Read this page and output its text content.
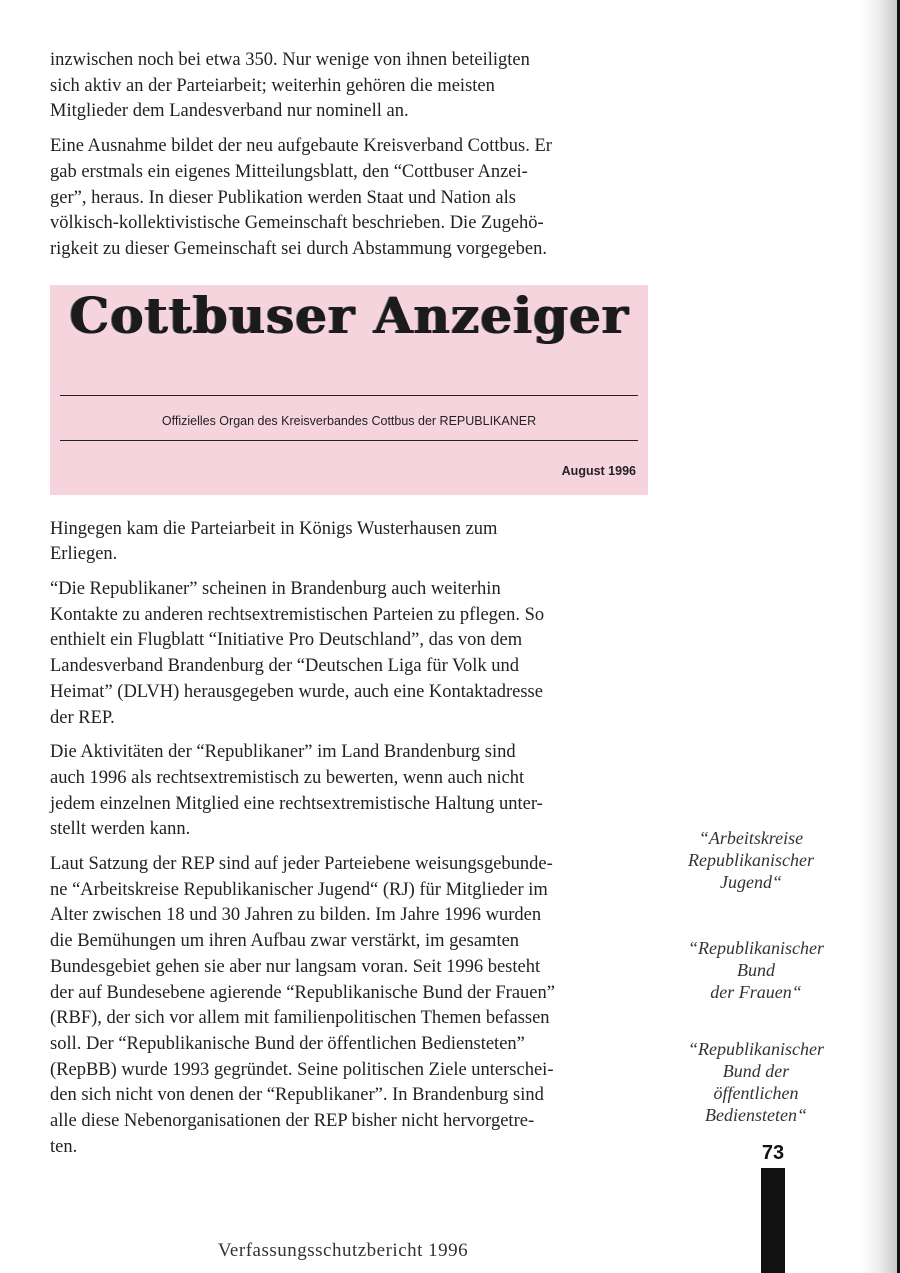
inzwischen noch bei etwa 350. Nur wenige von ihnen beteiligten
sich aktiv an der Parteiarbeit; weiterhin gehören die meisten
Mitglieder dem Landesverband nur nominell an.

Eine Ausnahme bildet der neu aufgebaute Kreisverband Cottbus. Er
gab erstmals ein eigenes Mitteilungsblatt, den “Cottbuser Anzei-
ger”, heraus. In dieser Publikation werden Staat und Nation als
völkisch-kollektivistische Gemeinschaft beschrieben. Die Zugehö-
rigkeit zu dieser Gemeinschaft sei durch Abstammung vorgegeben.

Cottbuser Anzeiger
Offizielles Organ des Kreisverbandes Cottbus der REPUBLIKANER
August 1996

Hingegen kam die Parteiarbeit in Königs Wusterhausen zum
Erliegen.

“Die Republikaner” scheinen in Brandenburg auch weiterhin
Kontakte zu anderen rechtsextremistischen Parteien zu pflegen. So
enthielt ein Flugblatt “Initiative Pro Deutschland”, das von dem
Landesverband Brandenburg der “Deutschen Liga für Volk und
Heimat” (DLVH) herausgegeben wurde, auch eine Kontaktadresse
der REP.

Die Aktivitäten der “Republikaner” im Land Brandenburg sind
auch 1996 als rechtsextremistisch zu bewerten, wenn auch nicht
jedem einzelnen Mitglied eine rechtsextremistische Haltung unter-
stellt werden kann.

Laut Satzung der REP sind auf jeder Parteiebene weisungsgebunde-
ne “Arbeitskreise Republikanischer Jugend“ (RJ) für Mitglieder im
Alter zwischen 18 und 30 Jahren zu bilden. Im Jahre 1996 wurden
die Bemühungen um ihren Aufbau zwar verstärkt, im gesamten
Bundesgebiet gehen sie aber nur langsam voran. Seit 1996 besteht
der auf Bundesebene agierende “Republikanische Bund der Frauen”
(RBF), der sich vor allem mit familienpolitischen Themen befassen
soll. Der “Republikanische Bund der öffentlichen Bediensteten”
(RepBB) wurde 1993 gegründet. Seine politischen Ziele unterschei-
den sich nicht von denen der “Republikaner”. In Brandenburg sind
alle diese Nebenorganisationen der REP bisher nicht hervorgetre-
ten.

“Arbeitskreise
Republikanischer
Jugend“
“Republikanischer
Bund
der Frauen“
“Republikanischer
Bund der
öffentlichen
Bediensteten“
73
Verfassungsschutzbericht 1996
